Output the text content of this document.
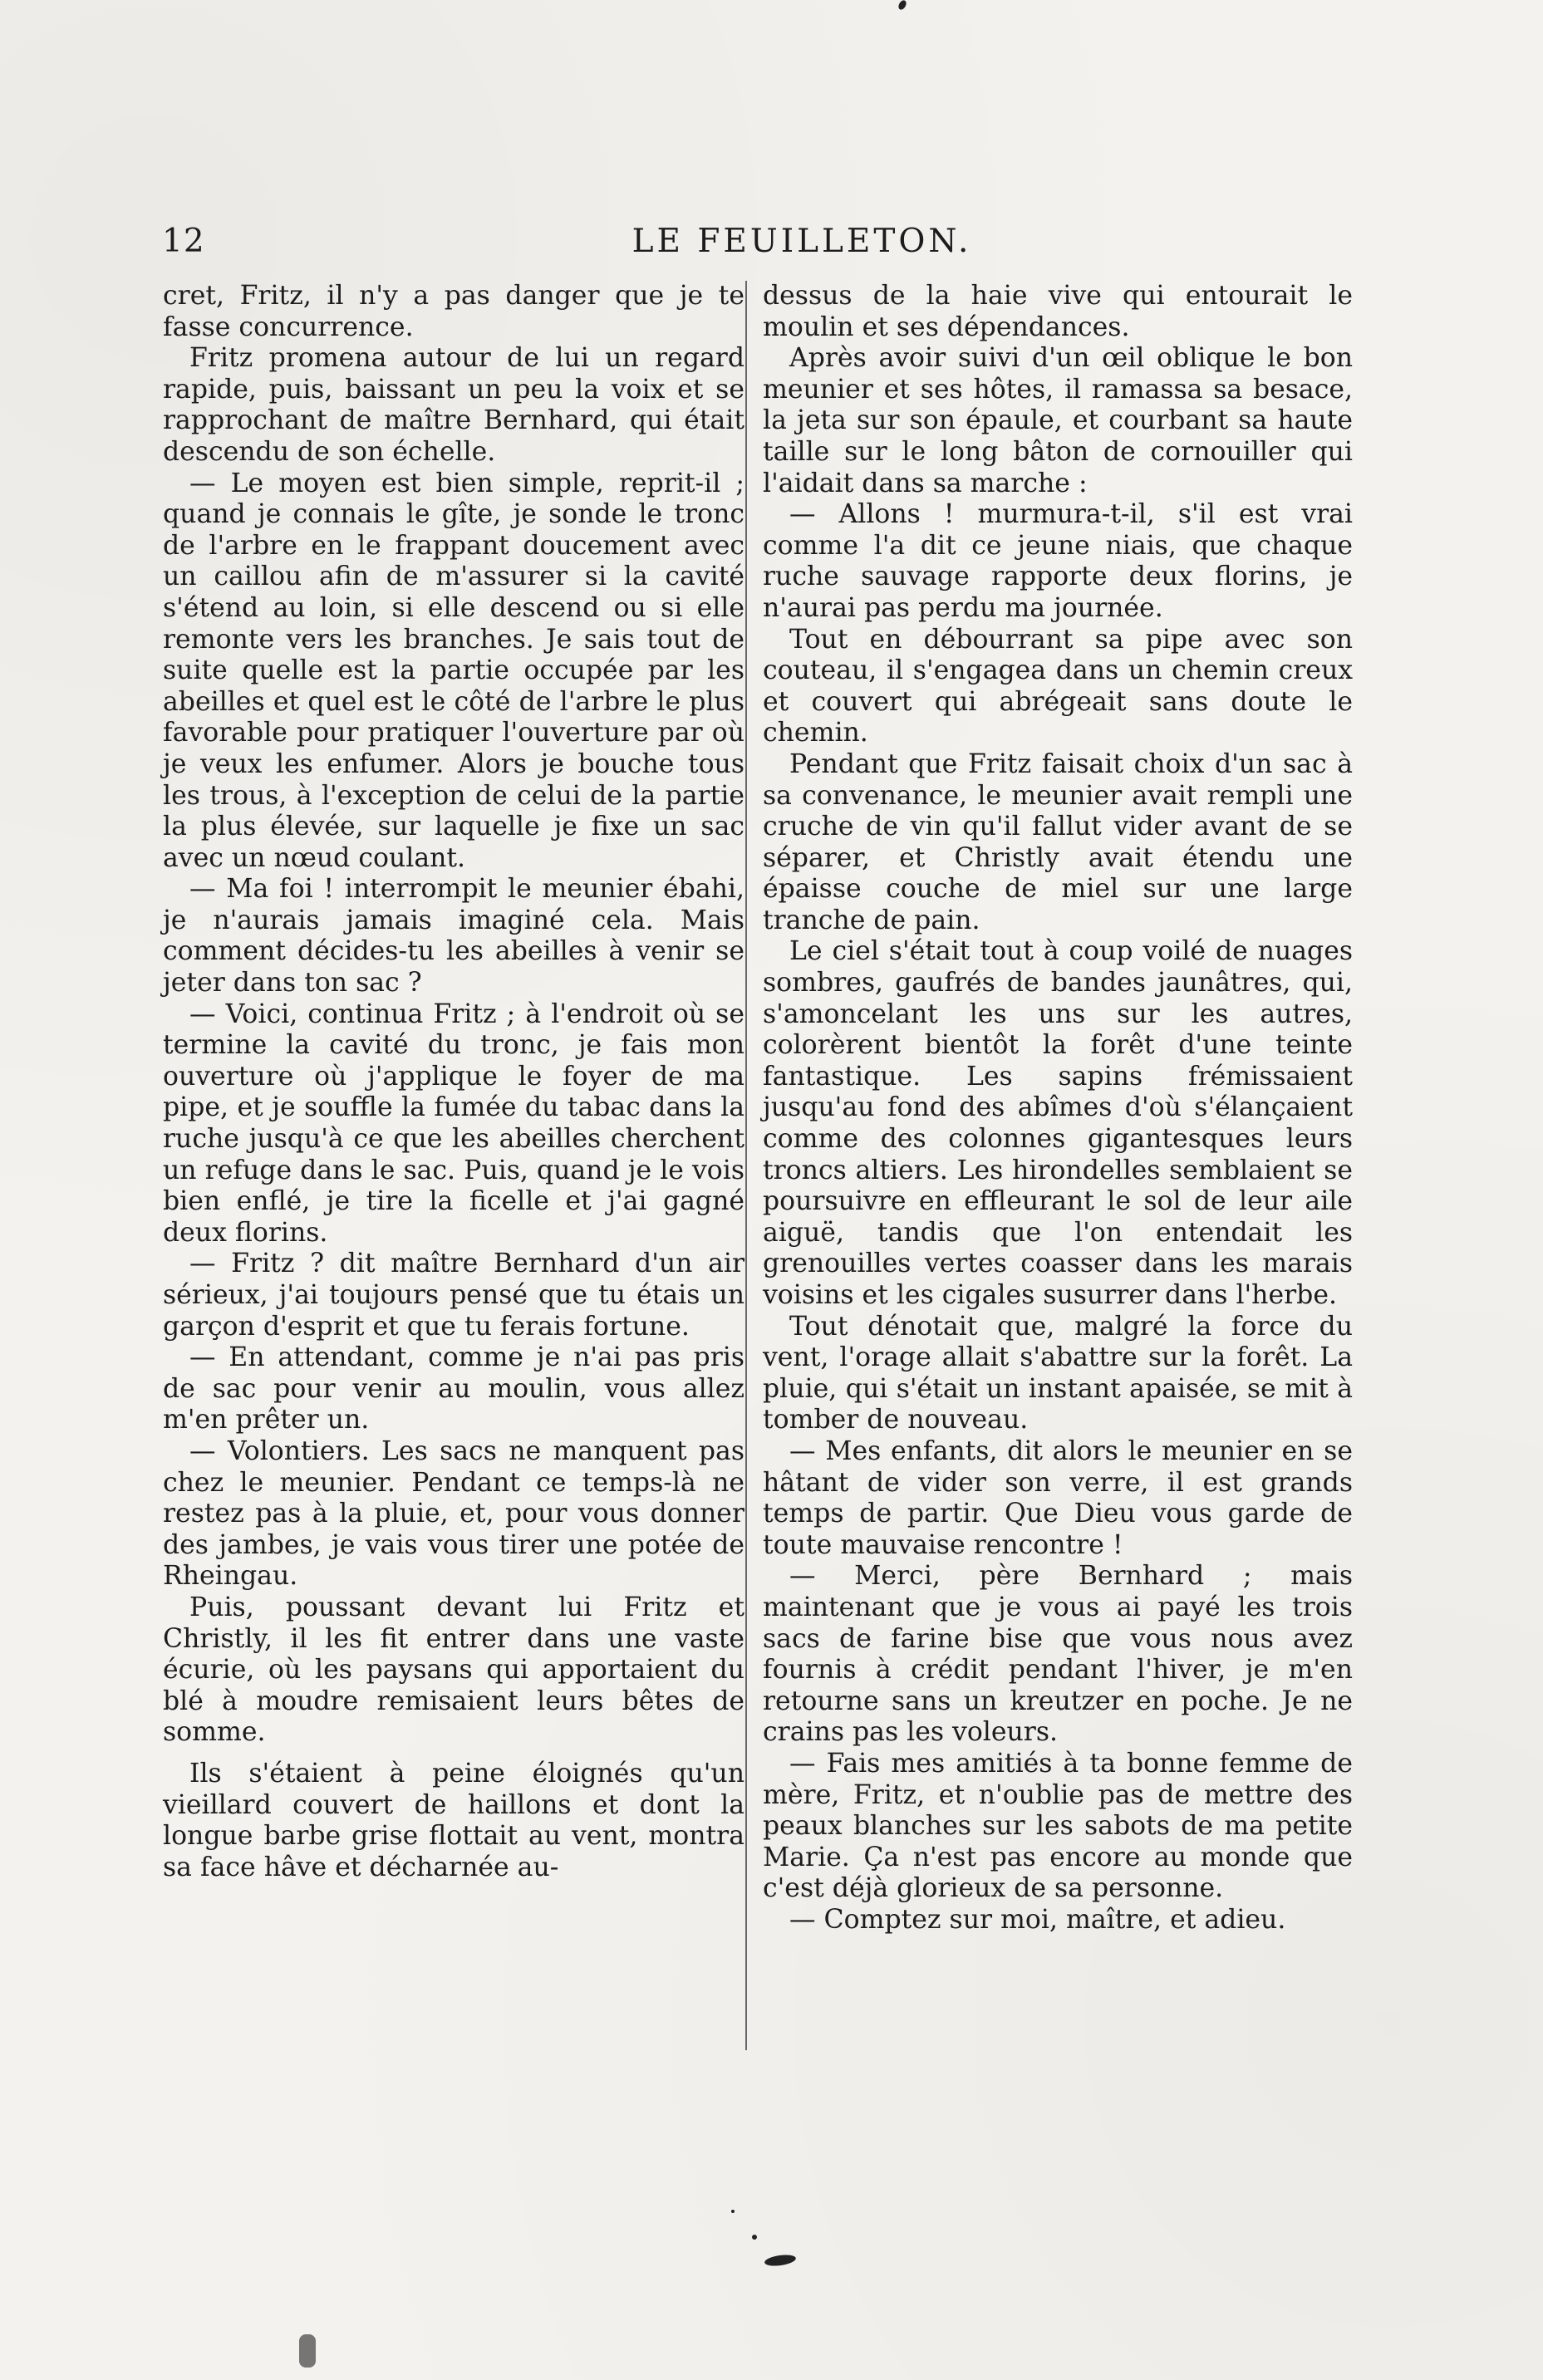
12	LE FEUILLETON.

cret, Fritz, il n'y a pas danger que je te fasse concurrence.

Fritz promena autour de lui un regard rapide, puis, baissant un peu la voix et se rapprochant de maître Bernhard, qui était descendu de son échelle.

— Le moyen est bien simple, reprit-il ; quand je connais le gîte, je sonde le tronc de l'arbre en le frappant doucement avec un caillou afin de m'assurer si la cavité s'étend au loin, si elle descend ou si elle remonte vers les branches. Je sais tout de suite quelle est la partie occupée par les abeilles et quel est le côté de l'arbre le plus favorable pour pratiquer l'ouverture par où je veux les enfumer. Alors je bouche tous les trous, à l'exception de celui de la partie la plus élevée, sur laquelle je fixe un sac avec un nœud coulant.

— Ma foi ! interrompit le meunier ébahi, je n'aurais jamais imaginé cela. Mais comment décides-tu les abeilles à venir se jeter dans ton sac ?

— Voici, continua Fritz ; à l'endroit où se termine la cavité du tronc, je fais mon ouverture où j'applique le foyer de ma pipe, et je souffle la fumée du tabac dans la ruche jusqu'à ce que les abeilles cherchent un refuge dans le sac. Puis, quand je le vois bien enflé, je tire la ficelle et j'ai gagné deux florins.

— Fritz ? dit maître Bernhard d'un air sérieux, j'ai toujours pensé que tu étais un garçon d'esprit et que tu ferais fortune.

— En attendant, comme je n'ai pas pris de sac pour venir au moulin, vous allez m'en prêter un.

— Volontiers. Les sacs ne manquent pas chez le meunier. Pendant ce temps-là ne restez pas à la pluie, et, pour vous donner des jambes, je vais vous tirer une potée de Rheingau.

Puis, poussant devant lui Fritz et Christly, il les fit entrer dans une vaste écurie, où les paysans qui apportaient du blé à moudre remisaient leurs bêtes de somme.

Ils s'étaient à peine éloignés qu'un vieillard couvert de haillons et dont la longue barbe grise flottait au vent, montra sa face hâve et décharnée au-

dessus de la haie vive qui entourait le moulin et ses dépendances.

Après avoir suivi d'un œil oblique le bon meunier et ses hôtes, il ramassa sa besace, la jeta sur son épaule, et courbant sa haute taille sur le long bâton de cornouiller qui l'aidait dans sa marche :

— Allons ! murmura-t-il, s'il est vrai comme l'a dit ce jeune niais, que chaque ruche sauvage rapporte deux florins, je n'aurai pas perdu ma journée.

Tout en débourrant sa pipe avec son couteau, il s'engagea dans un chemin creux et couvert qui abrégeait sans doute le chemin.

Pendant que Fritz faisait choix d'un sac à sa convenance, le meunier avait rempli une cruche de vin qu'il fallut vider avant de se séparer, et Christly avait étendu une épaisse couche de miel sur une large tranche de pain.

Le ciel s'était tout à coup voilé de nuages sombres, gaufrés de bandes jaunâtres, qui, s'amoncelant les uns sur les autres, colorèrent bientôt la forêt d'une teinte fantastique. Les sapins frémissaient jusqu'au fond des abîmes d'où s'élançaient comme des colonnes gigantesques leurs troncs altiers. Les hirondelles semblaient se poursuivre en effleurant le sol de leur aile aiguë, tandis que l'on entendait les grenouilles vertes coasser dans les marais voisins et les cigales susurrer dans l'herbe.

Tout dénotait que, malgré la force du vent, l'orage allait s'abattre sur la forêt. La pluie, qui s'était un instant apaisée, se mit à tomber de nouveau.

— Mes enfants, dit alors le meunier en se hâtant de vider son verre, il est grands temps de partir. Que Dieu vous garde de toute mauvaise rencontre !

— Merci, père Bernhard ; mais maintenant que je vous ai payé les trois sacs de farine bise que vous nous avez fournis à crédit pendant l'hiver, je m'en retourne sans un kreutzer en poche. Je ne crains pas les voleurs.

— Fais mes amitiés à ta bonne femme de mère, Fritz, et n'oublie pas de mettre des peaux blanches sur les sabots de ma petite Marie. Ça n'est pas encore au monde que c'est déjà glorieux de sa personne.

— Comptez sur moi, maître, et adieu.
